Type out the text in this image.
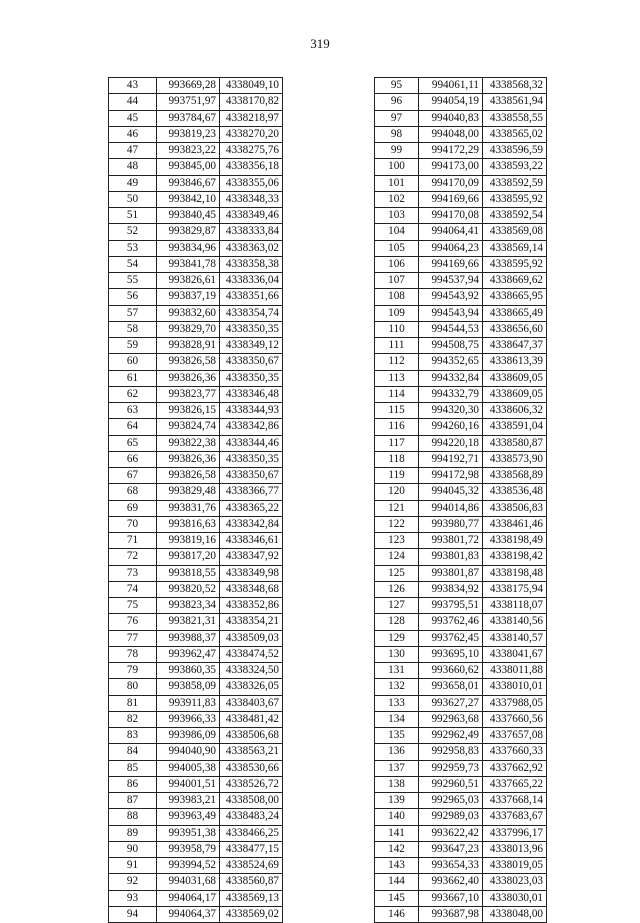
319
43	993669,28	4338049,10
44	993751,97	4338170,82
45	993784,67	4338218,97
46	993819,23	4338270,20
47	993823,22	4338275,76
48	993845,00	4338356,18
49	993846,67	4338355,06
50	993842,10	4338348,33
51	993840,45	4338349,46
52	993829,87	4338333,84
53	993834,96	4338363,02
54	993841,78	4338358,38
55	993826,61	4338336,04
56	993837,19	4338351,66
57	993832,60	4338354,74
58	993829,70	4338350,35
59	993828,91	4338349,12
60	993826,58	4338350,67
61	993826,36	4338350,35
62	993823,77	4338346,48
63	993826,15	4338344,93
64	993824,74	4338342,86
65	993822,38	4338344,46
66	993826,36	4338350,35
67	993826,58	4338350,67
68	993829,48	4338366,77
69	993831,76	4338365,22
70	993816,63	4338342,84
71	993819,16	4338346,61
72	993817,20	4338347,92
73	993818,55	4338349,98
74	993820,52	4338348,68
75	993823,34	4338352,86
76	993821,31	4338354,21
77	993988,37	4338509,03
78	993962,47	4338474,52
79	993860,35	4338324,50
80	993858,09	4338326,05
81	993911,83	4338403,67
82	993966,33	4338481,42
83	993986,09	4338506,68
84	994040,90	4338563,21
85	994005,38	4338530,66
86	994001,51	4338526,72
87	993983,21	4338508,00
88	993963,49	4338483,24
89	993951,38	4338466,25
90	993958,79	4338477,15
91	993994,52	4338524,69
92	994031,68	4338560,87
93	994064,17	4338569,13
94	994064,37	4338569,02
95	994061,11	4338568,32
96	994054,19	4338561,94
97	994040,83	4338558,55
98	994048,00	4338565,02
99	994172,29	4338596,59
100	994173,00	4338593,22
101	994170,09	4338592,59
102	994169,66	4338595,92
103	994170,08	4338592,54
104	994064,41	4338569,08
105	994064,23	4338569,14
106	994169,66	4338595,92
107	994537,94	4338669,62
108	994543,92	4338665,95
109	994543,94	4338665,49
110	994544,53	4338656,60
111	994508,75	4338647,37
112	994352,65	4338613,39
113	994332,84	4338609,05
114	994332,79	4338609,05
115	994320,30	4338606,32
116	994260,16	4338591,04
117	994220,18	4338580,87
118	994192,71	4338573,90
119	994172,98	4338568,89
120	994045,32	4338536,48
121	994014,86	4338506,83
122	993980,77	4338461,46
123	993801,72	4338198,49
124	993801,83	4338198,42
125	993801,87	4338198,48
126	993834,92	4338175,94
127	993795,51	4338118,07
128	993762,46	4338140,56
129	993762,45	4338140,57
130	993695,10	4338041,67
131	993660,62	4338011,88
132	993658,01	4338010,01
133	993627,27	4337988,05
134	992963,68	4337660,56
135	992962,49	4337657,08
136	992958,83	4337660,33
137	992959,73	4337662,92
138	992960,51	4337665,22
139	992965,03	4337668,14
140	992989,03	4337683,67
141	993622,42	4337996,17
142	993647,23	4338013,96
143	993654,33	4338019,05
144	993662,40	4338023,03
145	993667,10	4338030,01
146	993687,98	4338048,00
